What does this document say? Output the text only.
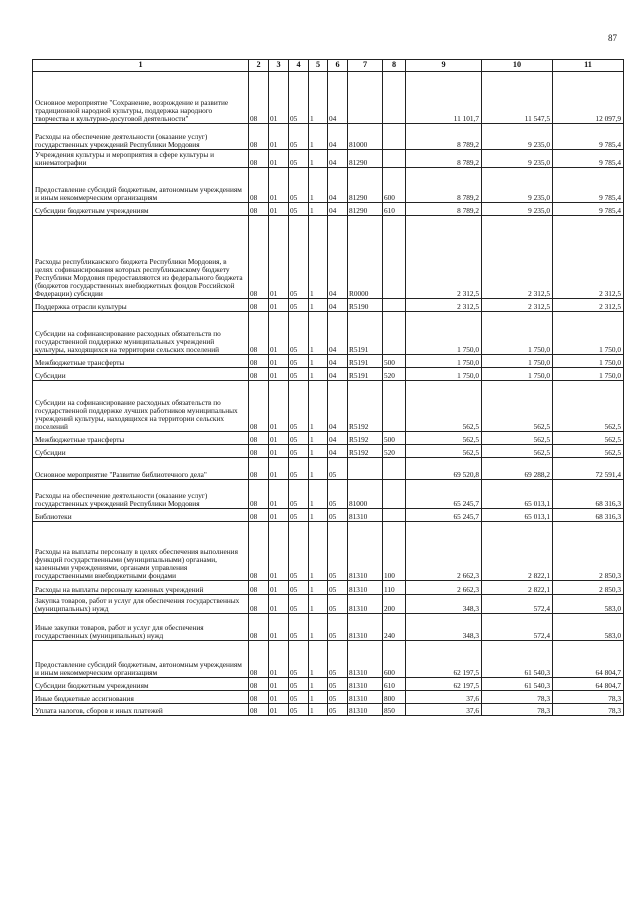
87
1	2	3	4	5	6	7	8	9	10	11
Основное мероприятие "Сохранение, возрождение и развитие традиционной народной культуры, поддержка народного творчества и культурно-досуговой деятельности"	08	01	05	1	04			11 101,7	11 547,5	12 097,9
Расходы на обеспечение деятельности (оказание услуг) государственных учреждений Республики Мордовия	08	01	05	1	04	81000		8 789,2	9 235,0	9 785,4
Учреждения культуры и мероприятия в сфере культуры и кинематографии	08	01	05	1	04	81290		8 789,2	9 235,0	9 785,4
Предоставление субсидий бюджетным, автономным учреждениям и иным некоммерческим организациям	08	01	05	1	04	81290	600	8 789,2	9 235,0	9 785,4
Субсидии бюджетным учреждениям	08	01	05	1	04	81290	610	8 789,2	9 235,0	9 785,4
Расходы республиканского бюджета Республики Мордовия, в целях софинансирования которых республиканскому бюджету Республики Мордовия предоставляются из федерального бюджета (бюджетов государственных внебюджетных фондов Российской Федерации) субсидии	08	01	05	1	04	R0000		2 312,5	2 312,5	2 312,5
Поддержка отрасли культуры	08	01	05	1	04	R5190		2 312,5	2 312,5	2 312,5
Субсидии на софинансирование расходных обязательств по государственной поддержке муниципальных учреждений культуры, находящихся на территории сельских поселений	08	01	05	1	04	R5191		1 750,0	1 750,0	1 750,0
Межбюджетные трансферты	08	01	05	1	04	R5191	500	1 750,0	1 750,0	1 750,0
Субсидии	08	01	05	1	04	R5191	520	1 750,0	1 750,0	1 750,0
Субсидии на софинансирование расходных обязательств по государственной поддержке лучших работников муниципальных учреждений культуры, находящихся на территории сельских поселений	08	01	05	1	04	R5192		562,5	562,5	562,5
Межбюджетные трансферты	08	01	05	1	04	R5192	500	562,5	562,5	562,5
Субсидии	08	01	05	1	04	R5192	520	562,5	562,5	562,5
Основное мероприятие "Развитие библиотечного дела"	08	01	05	1	05			69 520,8	69 288,2	72 591,4
Расходы на обеспечение деятельности (оказание услуг) государственных учреждений Республики Мордовия	08	01	05	1	05	81000		65 245,7	65 013,1	68 316,3
Библиотеки	08	01	05	1	05	81310		65 245,7	65 013,1	68 316,3
Расходы на выплаты персоналу в целях обеспечения выполнения функций государственными (муниципальными) органами, казенными учреждениями, органами управления государственными внебюджетными фондами	08	01	05	1	05	81310	100	2 662,3	2 822,1	2 850,3
Расходы на выплаты персоналу казенных учреждений	08	01	05	1	05	81310	110	2 662,3	2 822,1	2 850,3
Закупка товаров, работ и услуг для обеспечения государственных (муниципальных) нужд	08	01	05	1	05	81310	200	348,3	572,4	583,0
Иные закупки товаров, работ и услуг для обеспечения государственных (муниципальных) нужд	08	01	05	1	05	81310	240	348,3	572,4	583,0
Предоставление субсидий бюджетным, автономным учреждениям и иным некоммерческим организациям	08	01	05	1	05	81310	600	62 197,5	61 540,3	64 804,7
Субсидии бюджетным учреждениям	08	01	05	1	05	81310	610	62 197,5	61 540,3	64 804,7
Иные бюджетные ассигнования	08	01	05	1	05	81310	800	37,6	78,3	78,3
Уплата налогов, сборов и иных платежей	08	01	05	1	05	81310	850	37,6	78,3	78,3
